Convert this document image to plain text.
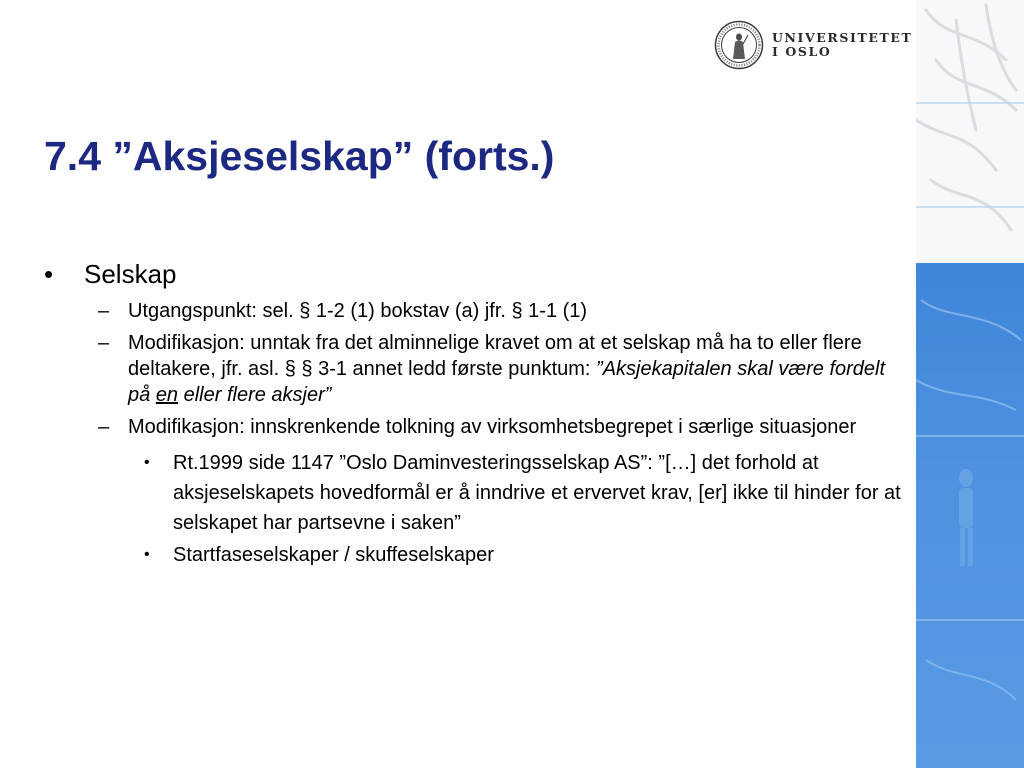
UNIVERSITETET
I OSLO
7.4 ”Aksjeselskap” (forts.)
• Selskap
– Utgangspunkt: sel. § 1-2 (1) bokstav (a) jfr. § 1-1 (1)
– Modifikasjon: unntak fra det alminnelige kravet om at et selskap må ha to eller flere deltakere, jfr. asl. § § 3-1 annet ledd første punktum: ”Aksjekapitalen skal være fordelt på en eller flere aksjer”
– Modifikasjon: innskrenkende tolkning av virksomhetsbegrepet i særlige situasjoner
• Rt.1999 side 1147 ”Oslo Daminvesteringsselskap AS”: ”[…] det forhold at aksjeselskapets hovedformål er å inndrive et ervervet krav, [er] ikke til hinder for at selskapet har partsevne i saken”
• Startfaseselskaper / skuffeselskaper
